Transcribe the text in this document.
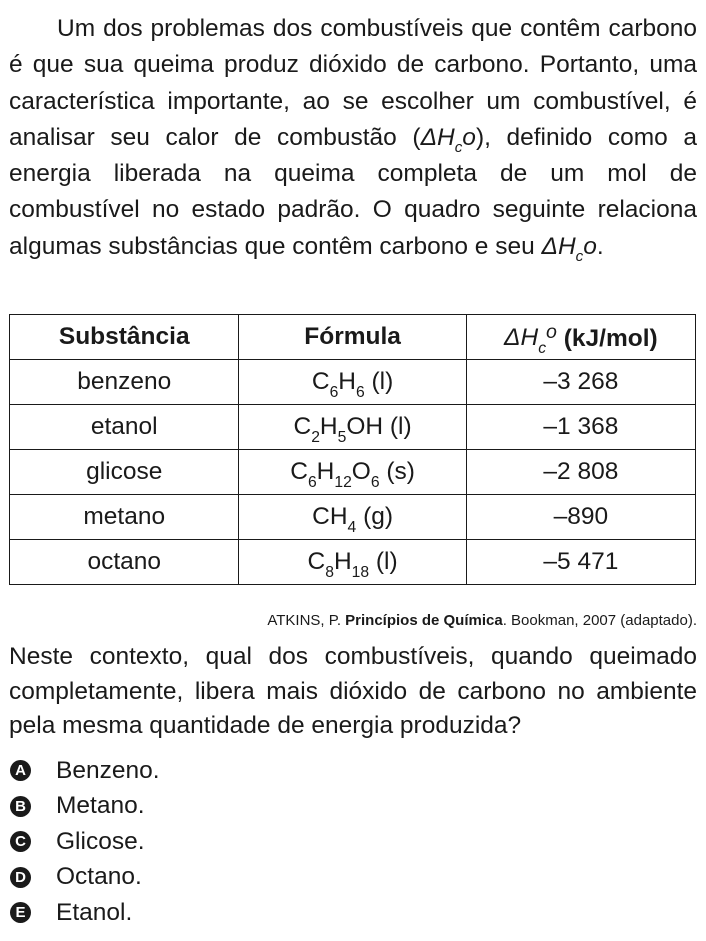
Um dos problemas dos combustíveis que contêm carbono é que sua queima produz dióxido de carbono. Portanto, uma característica importante, ao se escolher um combustível, é analisar seu calor de combustão $(\Delta H_co)$, definido como a energia liberada na queima completa de um mol de combustível no estado padrão. O quadro seguinte relaciona algumas substâncias que contêm carbono e seu $\Delta H_co$.

Substância	Fórmula	$\Delta H_c^o$ (kJ/mol)
benzeno	$C_6H_6$ (l)	–3 268
etanol	$C_2H_5OH$ (l)	–1 368
glicose	$C_6H_{12}O_6$ (s)	–2 808
metano	$CH_4$ (g)	–890
octano	$C_8H_{18}$ (l)	–5 471
ATKINS, P. Princípios de Química. Bookman, 2007 (adaptado).

Neste contexto, qual dos combustíveis, quando queimado completamente, libera mais dióxido de carbono no ambiente pela mesma quantidade de energia produzida?

A Benzeno.
B Metano.
C Glicose.
D Octano.
E Etanol.
